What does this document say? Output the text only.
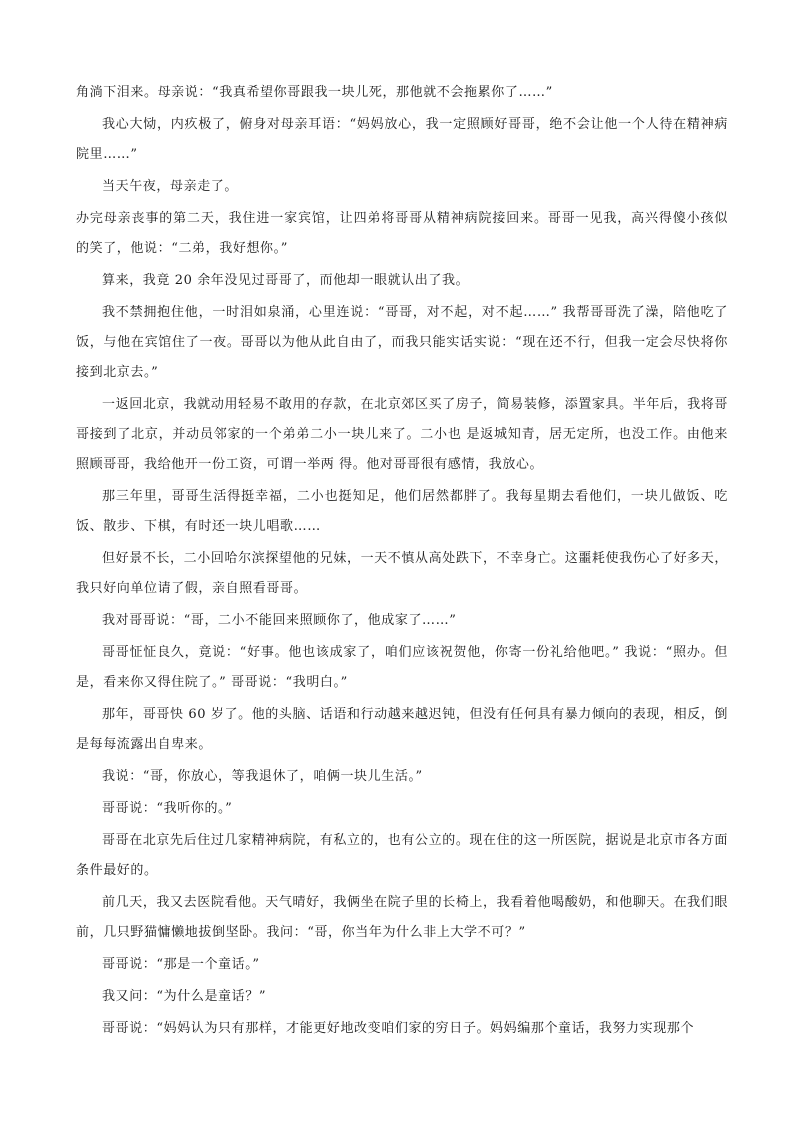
角淌下泪来。母亲说：“我真希望你哥跟我一块儿死，那他就不会拖累你了……”

我心大恸，内疚极了，俯身对母亲耳语：“妈妈放心，我一定照顾好哥哥，绝不会让他一个人待在精神病院里……”

当天午夜，母亲走了。

办完母亲丧事的第二天，我住进一家宾馆，让四弟将哥哥从精神病院接回来。哥哥一见我，高兴得傻小孩似的笑了，他说：“二弟，我好想你。”

算来，我竟 20 余年没见过哥哥了，而他却一眼就认出了我。

我不禁拥抱住他，一时泪如泉涌，心里连说：“哥哥，对不起，对不起……” 我帮哥哥洗了澡，陪他吃了饭，与他在宾馆住了一夜。哥哥以为他从此自由了，而我只能实话实说：“现在还不行，但我一定会尽快将你接到北京去。”

一返回北京，我就动用轻易不敢用的存款，在北京郊区买了房子，简易装修，添置家具。半年后，我将哥哥接到了北京，并动员邻家的一个弟弟二小一块儿来了。二小也 是返城知青，居无定所，也没工作。由他来照顾哥哥，我给他开一份工资，可谓一举两 得。他对哥哥很有感情，我放心。

那三年里，哥哥生活得挺幸福，二小也挺知足，他们居然都胖了。我每星期去看他们，一块儿做饭、吃饭、散步、下棋，有时还一块儿唱歌……

但好景不长，二小回哈尔滨探望他的兄妹，一天不慎从高处跌下，不幸身亡。这噩耗使我伤心了好多天，我只好向单位请了假，亲自照看哥哥。

我对哥哥说：“哥，二小不能回来照顾你了，他成家了……”

哥哥怔怔良久，竟说：“好事。他也该成家了，咱们应该祝贺他，你寄一份礼给他吧。” 我说：“照办。但是，看来你又得住院了。” 哥哥说：“我明白。”

那年，哥哥快 60 岁了。他的头脑、话语和行动越来越迟钝，但没有任何具有暴力倾向的表现，相反，倒是每每流露出自卑来。

我说：“哥，你放心，等我退休了，咱俩一块儿生活。”

哥哥说：“我听你的。”

哥哥在北京先后住过几家精神病院，有私立的，也有公立的。现在住的这一所医院，据说是北京市各方面条件最好的。

前几天，我又去医院看他。天气晴好，我俩坐在院子里的长椅上，我看着他喝酸奶，和他聊天。在我们眼前，几只野猫慵懒地拔倒坚卧。我问：“哥，你当年为什么非上大学不可？”

哥哥说：“那是一个童话。”

我又问：“为什么是童话？”

哥哥说：“妈妈认为只有那样，才能更好地改变咱们家的穷日子。妈妈编那个童话，我努力实现那个
